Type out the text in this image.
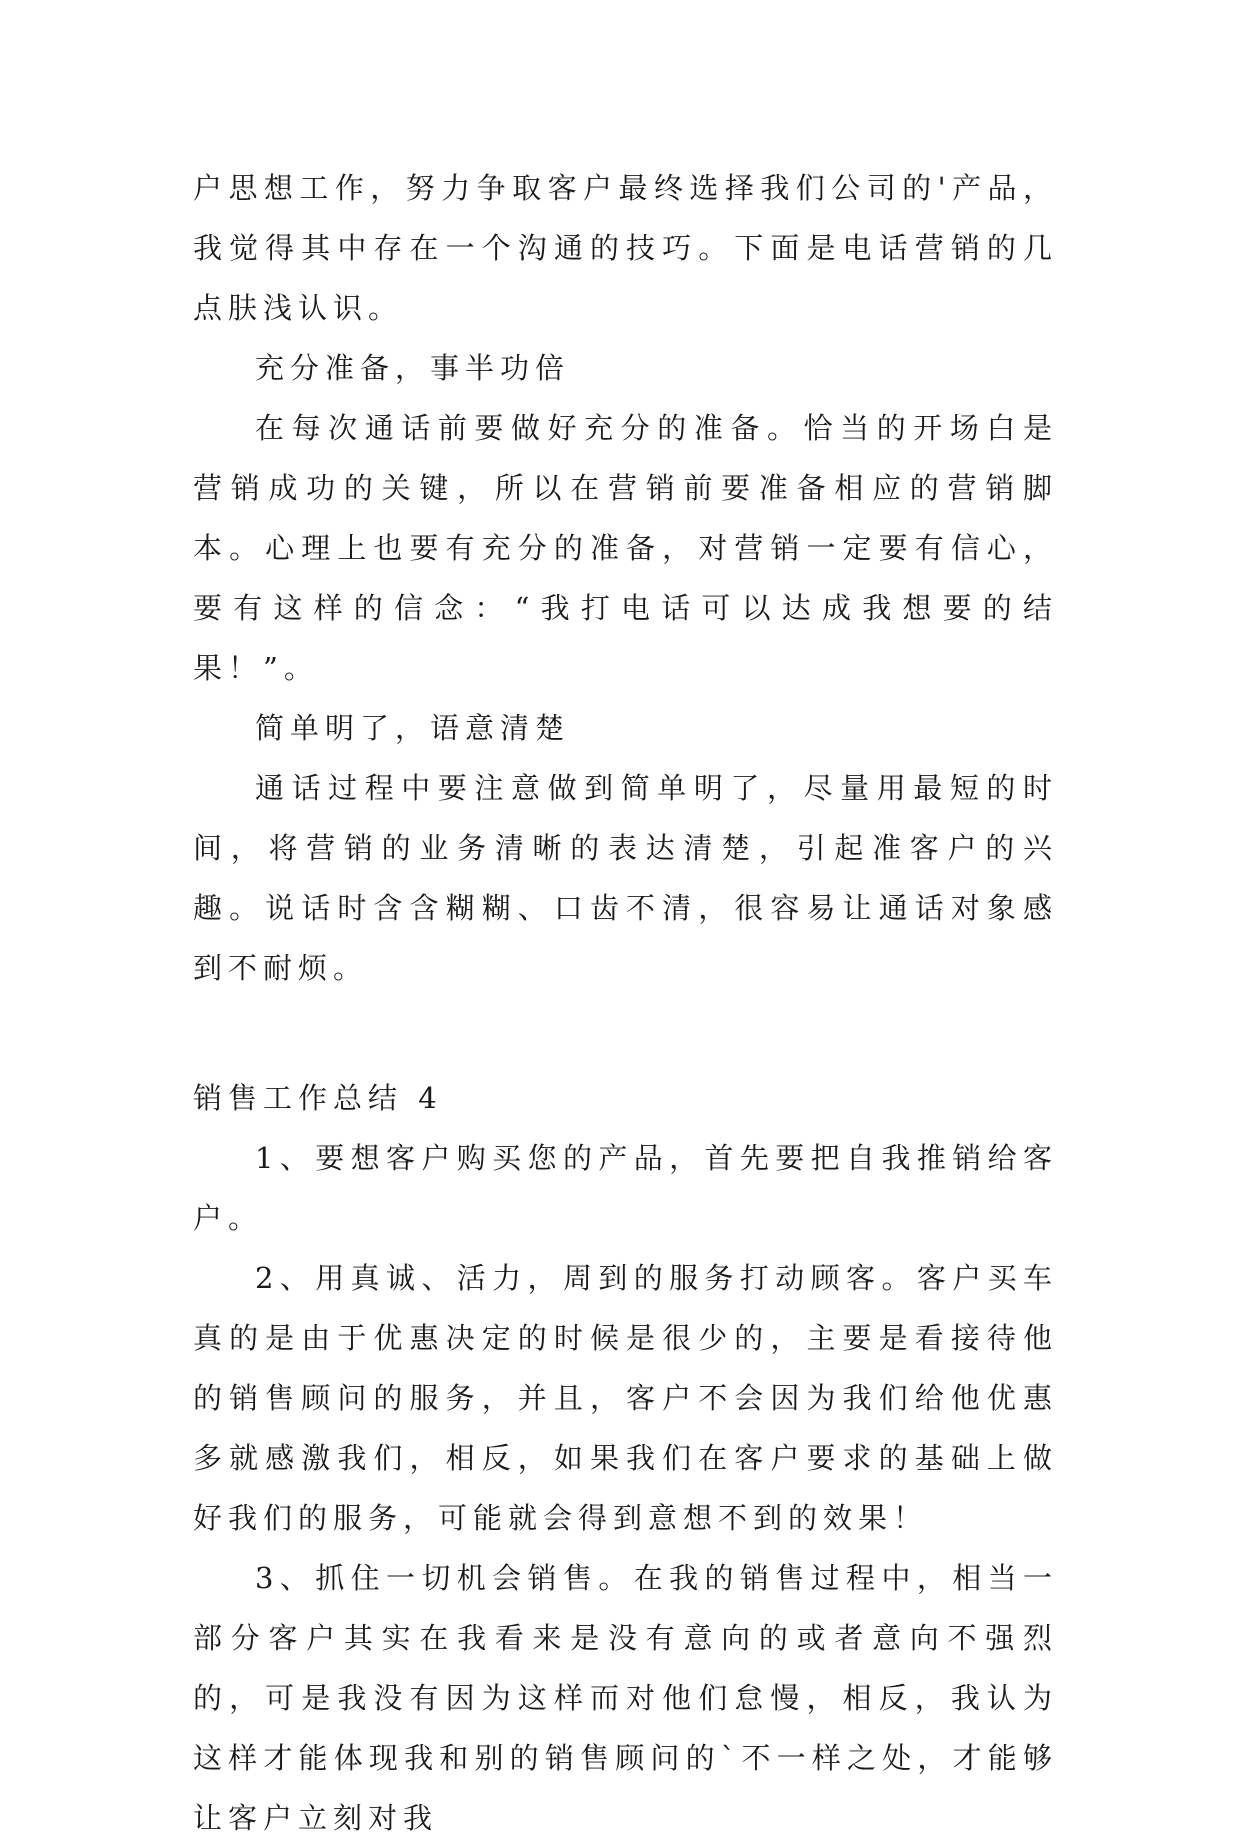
户思想工作，努力争取客户最终选择我们公司的'产品，我觉得其中存在一个沟通的技巧。下面是电话营销的几点肤浅认识。

充分准备，事半功倍

在每次通话前要做好充分的准备。恰当的开场白是营销成功的关键，所以在营销前要准备相应的营销脚本。心理上也要有充分的准备，对营销一定要有信心，要有这样的信念：“我打电话可以达成我想要的结果！”。

简单明了，语意清楚

通话过程中要注意做到简单明了，尽量用最短的时间，将营销的业务清晰的表达清楚，引起准客户的兴趣。说话时含含糊糊、口齿不清，很容易让通话对象感到不耐烦。

销售工作总结 4

1、要想客户购买您的产品，首先要把自我推销给客户。

2、用真诚、活力，周到的服务打动顾客。客户买车真的是由于优惠决定的时候是很少的，主要是看接待他的销售顾问的服务，并且，客户不会因为我们给他优惠多就感激我们，相反，如果我们在客户要求的基础上做好我们的服务，可能就会得到意想不到的效果！

3、抓住一切机会销售。在我的销售过程中，相当一部分客户其实在我看来是没有意向的或者意向不强烈的，可是我没有因为这样而对他们怠慢，相反，我认为这样才能体现我和别的销售顾问的`不一样之处，才能够让客户立刻对我
